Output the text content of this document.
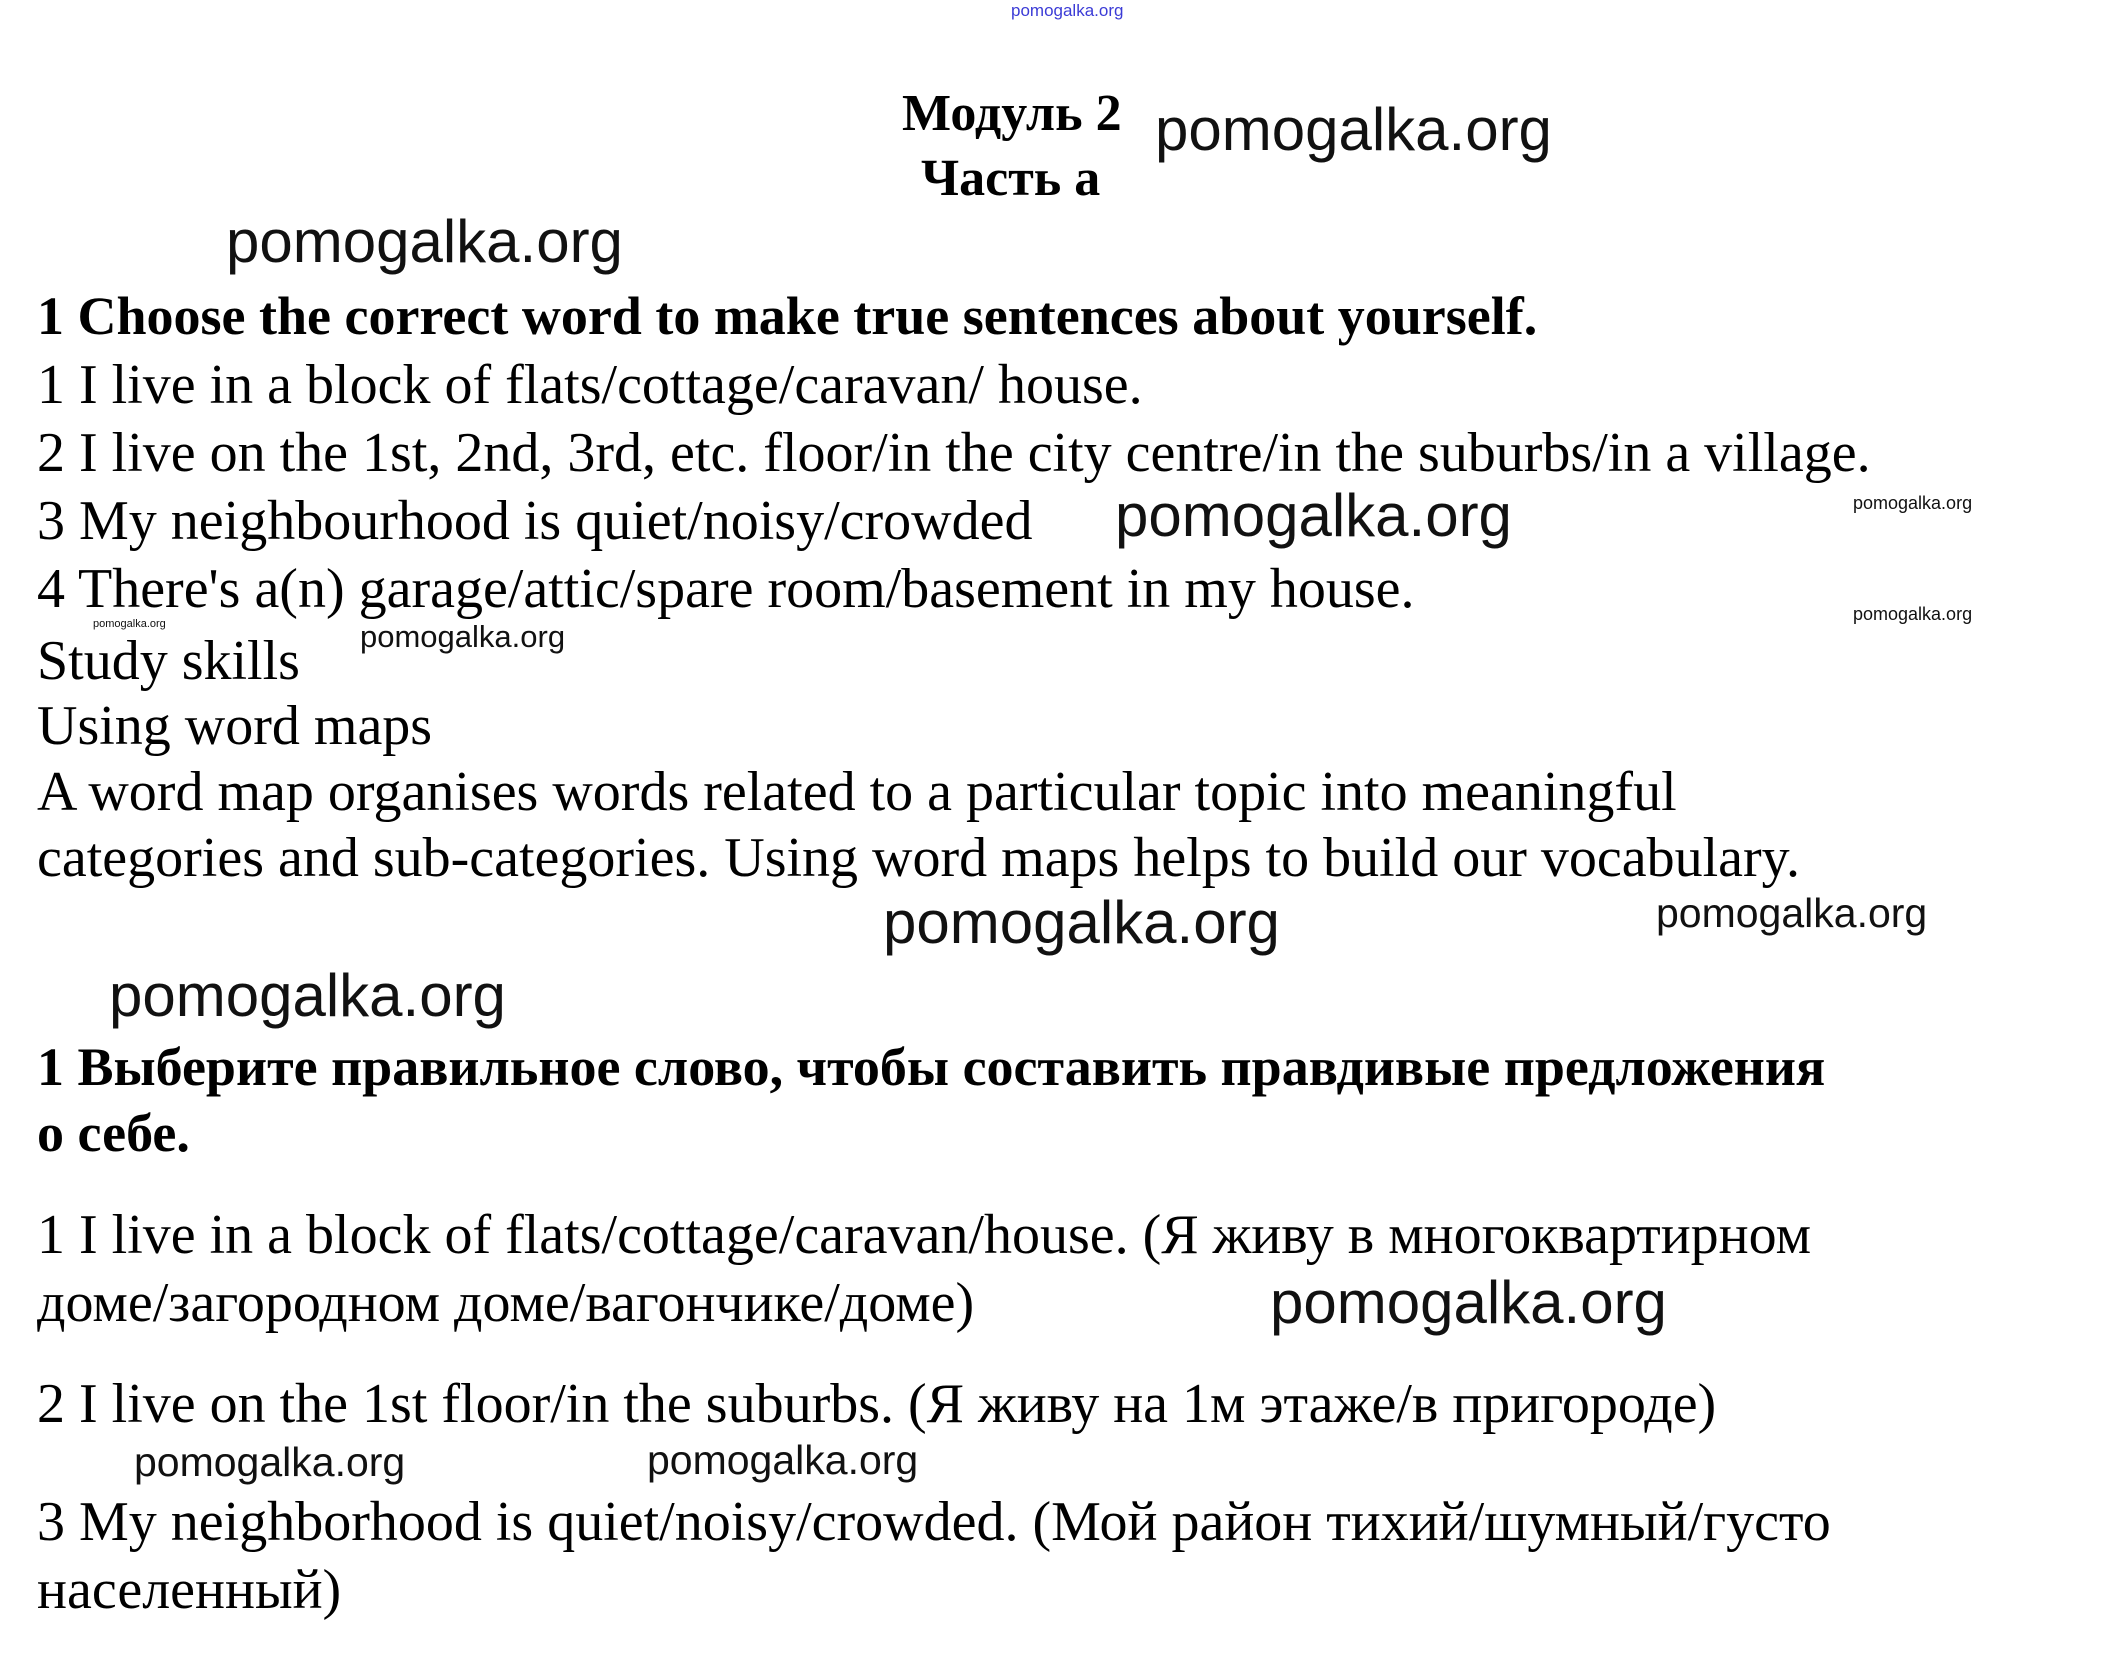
pomogalka.org
Модуль 2
Часть a
1 Choose the correct word to make true sentences about yourself.
1 I live in a block of flats/cottage/caravan/ house.
2 I live on the 1st, 2nd, 3rd, etc. floor/in the city centre/in the suburbs/in a village.
3 My neighbourhood is quiet/noisy/crowded
4 There's a(n) garage/attic/spare room/basement in my house.
Study skills
Using word maps
A word map organises words related to a particular topic into meaningful
categories and sub-categories. Using word maps helps to build our vocabulary.
1 Выберите правильное слово, чтобы составить правдивые предложения
о себе.
1 I live in a block of flats/cottage/caravan/house. (Я живу в многоквартирном
доме/загородном доме/вагончике/доме)
2 I live on the 1st floor/in the suburbs. (Я живу на 1м этаже/в пригороде)
3 My neighborhood is quiet/noisy/crowded. (Мой район тихий/шумный/густо
населенный)
pomogalka.org
pomogalka.org
pomogalka.org	pomogalka.org
pomogalka.org
pomogalka.org	pomogalka.org
pomogalka.org	pomogalka.org
pomogalka.org
pomogalka.org
pomogalka.org	pomogalka.org
